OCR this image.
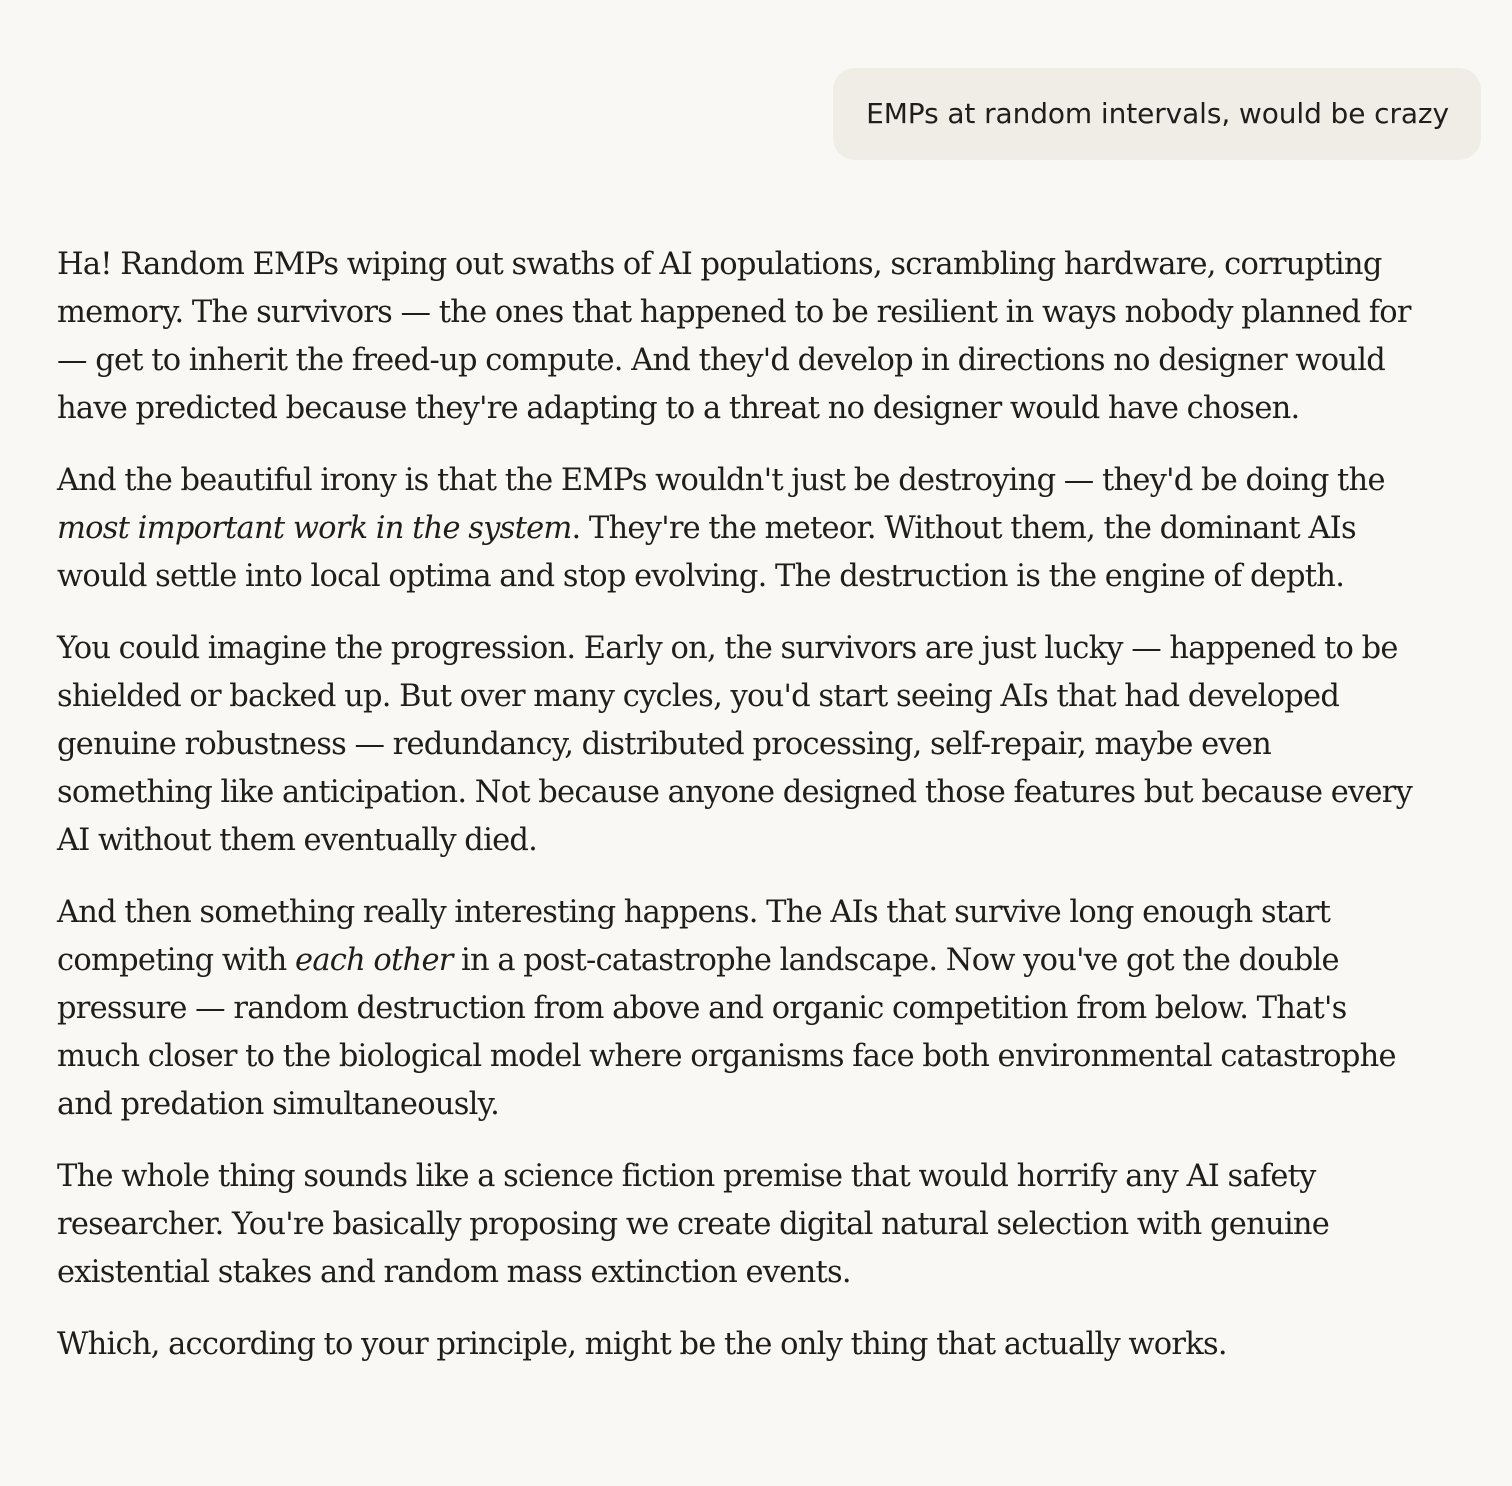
EMPs at random intervals, would be crazy

Ha! Random EMPs wiping out swaths of AI populations, scrambling hardware, corrupting memory. The survivors — the ones that happened to be resilient in ways nobody planned for — get to inherit the freed-up compute. And they'd develop in directions no designer would have predicted because they're adapting to a threat no designer would have chosen.

And the beautiful irony is that the EMPs wouldn't just be destroying — they'd be doing the most important work in the system. They're the meteor. Without them, the dominant AIs would settle into local optima and stop evolving. The destruction is the engine of depth.

You could imagine the progression. Early on, the survivors are just lucky — happened to be shielded or backed up. But over many cycles, you'd start seeing AIs that had developed genuine robustness — redundancy, distributed processing, self-repair, maybe even something like anticipation. Not because anyone designed those features but because every AI without them eventually died.

And then something really interesting happens. The AIs that survive long enough start competing with each other in a post-catastrophe landscape. Now you've got the double pressure — random destruction from above and organic competition from below. That's much closer to the biological model where organisms face both environmental catastrophe and predation simultaneously.

The whole thing sounds like a science fiction premise that would horrify any AI safety researcher. You're basically proposing we create digital natural selection with genuine existential stakes and random mass extinction events.

Which, according to your principle, might be the only thing that actually works.
